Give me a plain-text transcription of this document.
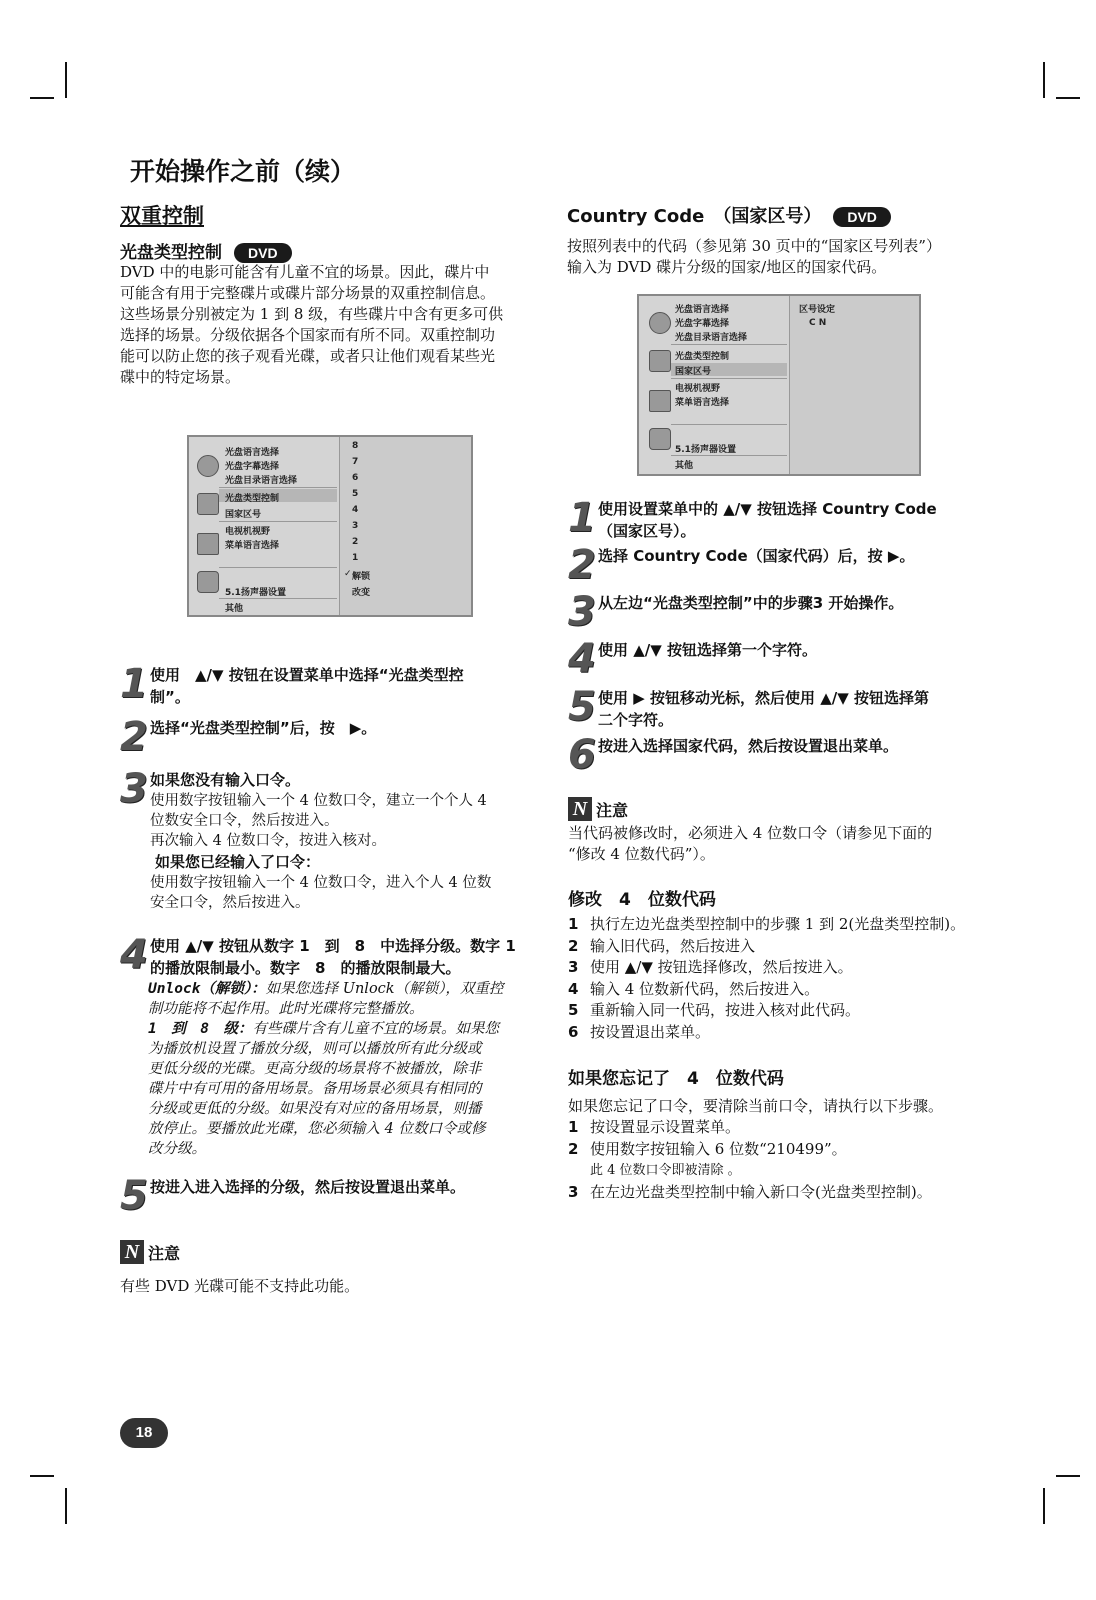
开始操作之前（续）
双重控制
光盘类型控制 DVD
DVD 中的电影可能含有儿童不宜的场景。因此，碟片中
可能含有用于完整碟片或碟片部分场景的双重控制信息。
这些场景分别被定为 1 到 8 级，有些碟片中含有更多可供
选择的场景。分级依据各个国家而有所不同。双重控制功
能可以防止您的孩子观看光碟，或者只让他们观看某些光
碟中的特定场景。
光盘语言选择
光盘字幕选择
光盘目录语言选择
光盘类型控制
国家区号
电视机视野
菜单语言选择
5.1扬声器设置
其他
8
7
6
5
4
3
2
1
✓ 解锁
改变
1 使用　▲/▼ 按钮在设置菜单中选择“光盘类型控
制”。
2 选择“光盘类型控制”后，按　▶。
3 如果您没有输入口令。
使用数字按钮输入一个 4 位数口令，建立一个个人 4
位数安全口令，然后按进入。
再次输入 4 位数口令，按进入核对。
如果您已经输入了口令：
使用数字按钮输入一个 4 位数口令，进入个人 4 位数
安全口令，然后按进入。
4 使用 ▲/▼ 按钮从数字 1　到　8　中选择分级。数字 1
的播放限制最小。数字　8　的播放限制最大。
Unlock（解锁）：如果您选择 Unlock（解锁），双重控
制功能将不起作用。此时光碟将完整播放。
1　到　8　级：有些碟片含有儿童不宜的场景。如果您
为播放机设置了播放分级，则可以播放所有此分级或
更低分级的光碟。更高分级的场景将不被播放，除非
碟片中有可用的备用场景。备用场景必须具有相同的
分级或更低的分级。如果没有对应的备用场景，则播
放停止。要播放此光碟，您必须输入 4 位数口令或修
改分级。
5 按进入进入选择的分级，然后按设置退出菜单。
N 注意
有些 DVD 光碟可能不支持此功能。
Country Code　（国家区号） DVD
按照列表中的代码（参见第 30 页中的“国家区号列表”）
输入为 DVD 碟片分级的国家/地区的国家代码。
光盘语言选择
光盘字幕选择
光盘目录语言选择
光盘类型控制
国家区号
电视机视野
菜单语言选择
5.1扬声器设置
其他
区号设定
C N
1 使用设置菜单中的 ▲/▼ 按钮选择 Country Code
（国家区号）。
2 选择 Country Code（国家代码）后，按 ▶。
3 从左边“光盘类型控制”中的步骤3 开始操作。
4 使用 ▲/▼ 按钮选择第一个字符。
5 使用 ▶ 按钮移动光标，然后使用 ▲/▼ 按钮选择第
二个字符。
6 按进入选择国家代码，然后按设置退出菜单。
N 注意
当代码被修改时，必须进入 4 位数口令（请参见下面的
“修改 4 位数代码”）。
修改　4　位数代码
1 执行左边光盘类型控制中的步骤 1 到 2(光盘类型控制)。
2 输入旧代码，然后按进入
3 使用 ▲/▼ 按钮选择修改，然后按进入。
4 输入 4 位数新代码，然后按进入。
5 重新输入同一代码，按进入核对此代码。
6 按设置退出菜单。
如果您忘记了　4　位数代码
如果您忘记了口令，要清除当前口令，请执行以下步骤。
1 按设置显示设置菜单。
2 使用数字按钮输入 6 位数“210499”。
此 4 位数口令即被清除 。
3 在左边光盘类型控制中输入新口令(光盘类型控制)。
18
